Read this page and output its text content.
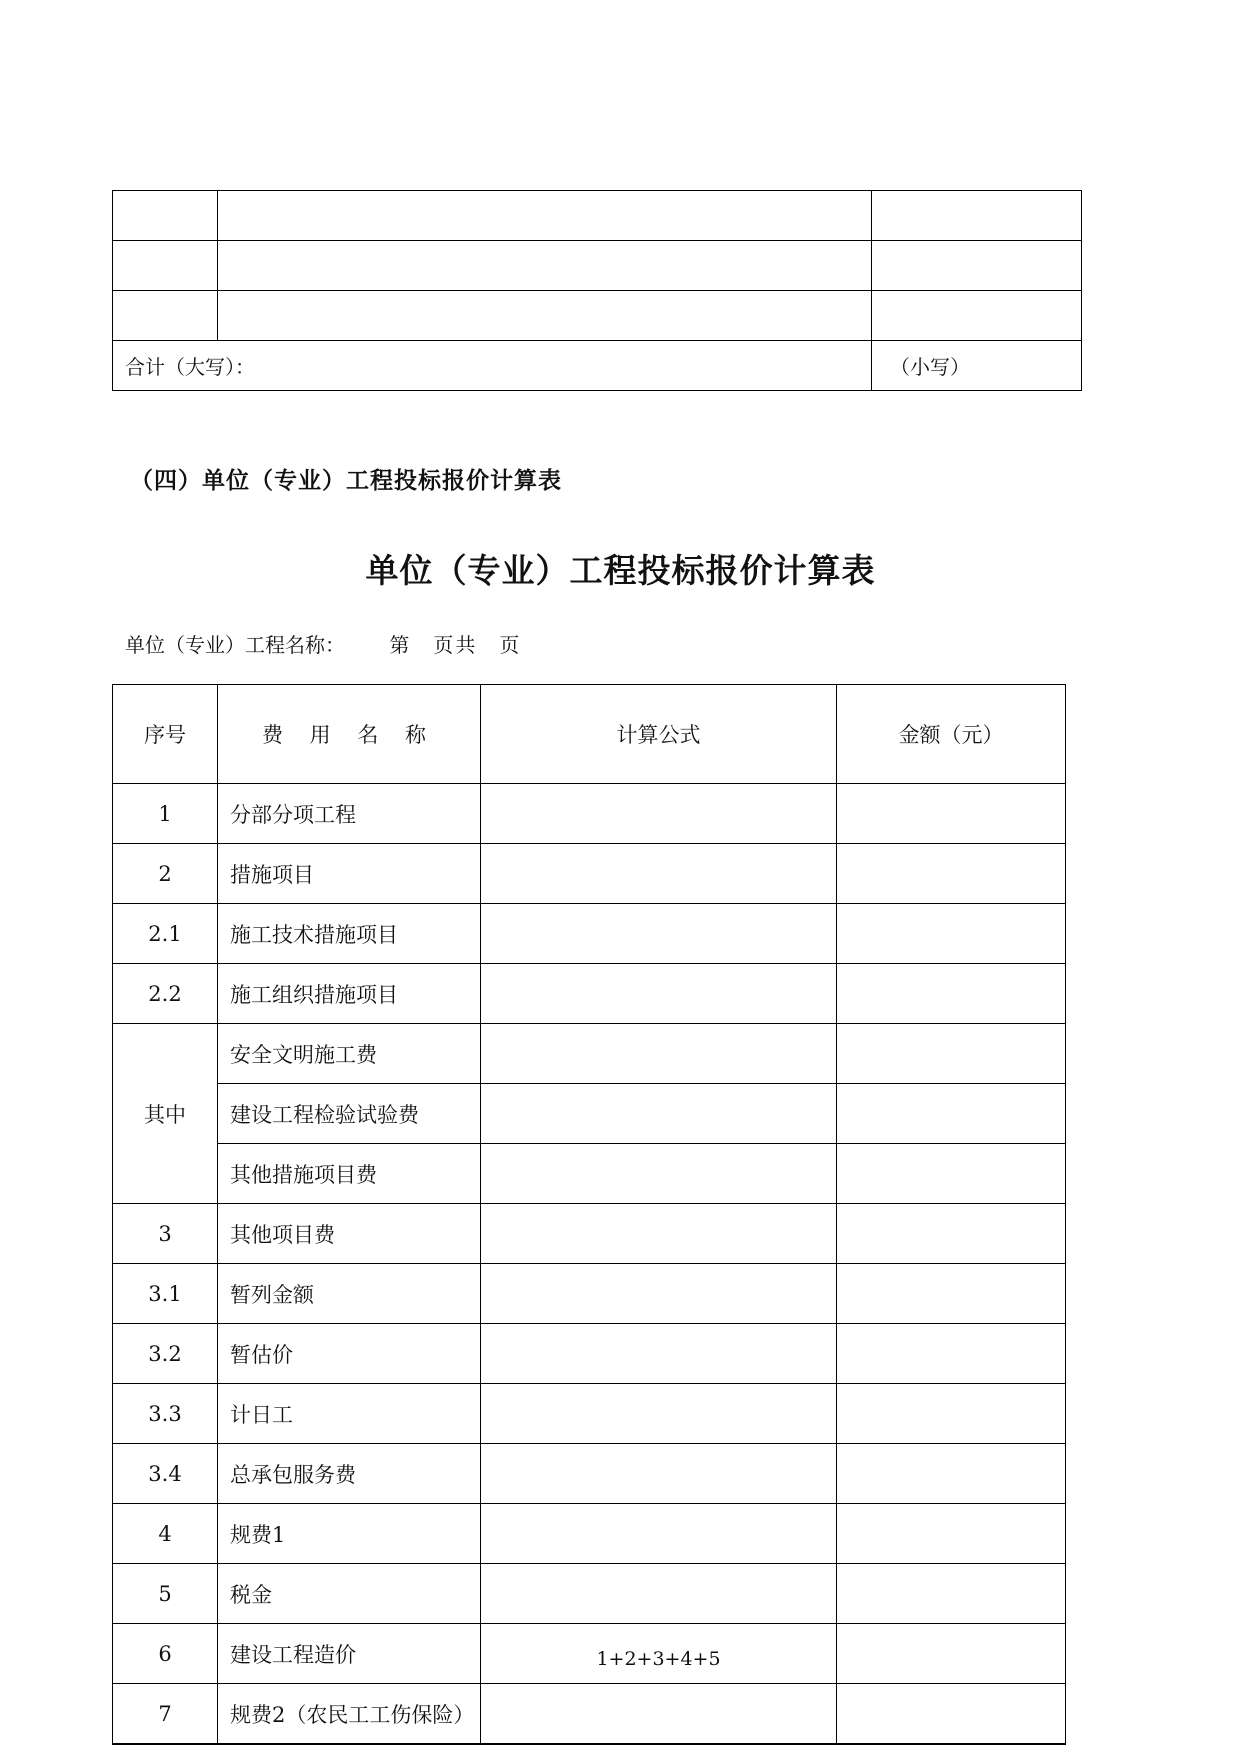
合计（大写）：		（小写）
（四）单位（专业）工程投标报价计算表
单位（专业）工程投标报价计算表
单位（专业）工程名称： 第　页共　页
序号	费 用 名 称	计算公式	金额（元）
1	分部分项工程		
2	措施项目		
2.1	施工技术措施项目		
2.2	施工组织措施项目		
其中	安全文明施工费		
	建设工程检验试验费		
	其他措施项目费		
3	其他项目费		
3.1	暂列金额		
3.2	暂估价		
3.3	计日工		
3.4	总承包服务费		
4	规费1		
5	税金		
6	建设工程造价	1+2+3+4+5	
7	规费2（农民工工伤保险）		
